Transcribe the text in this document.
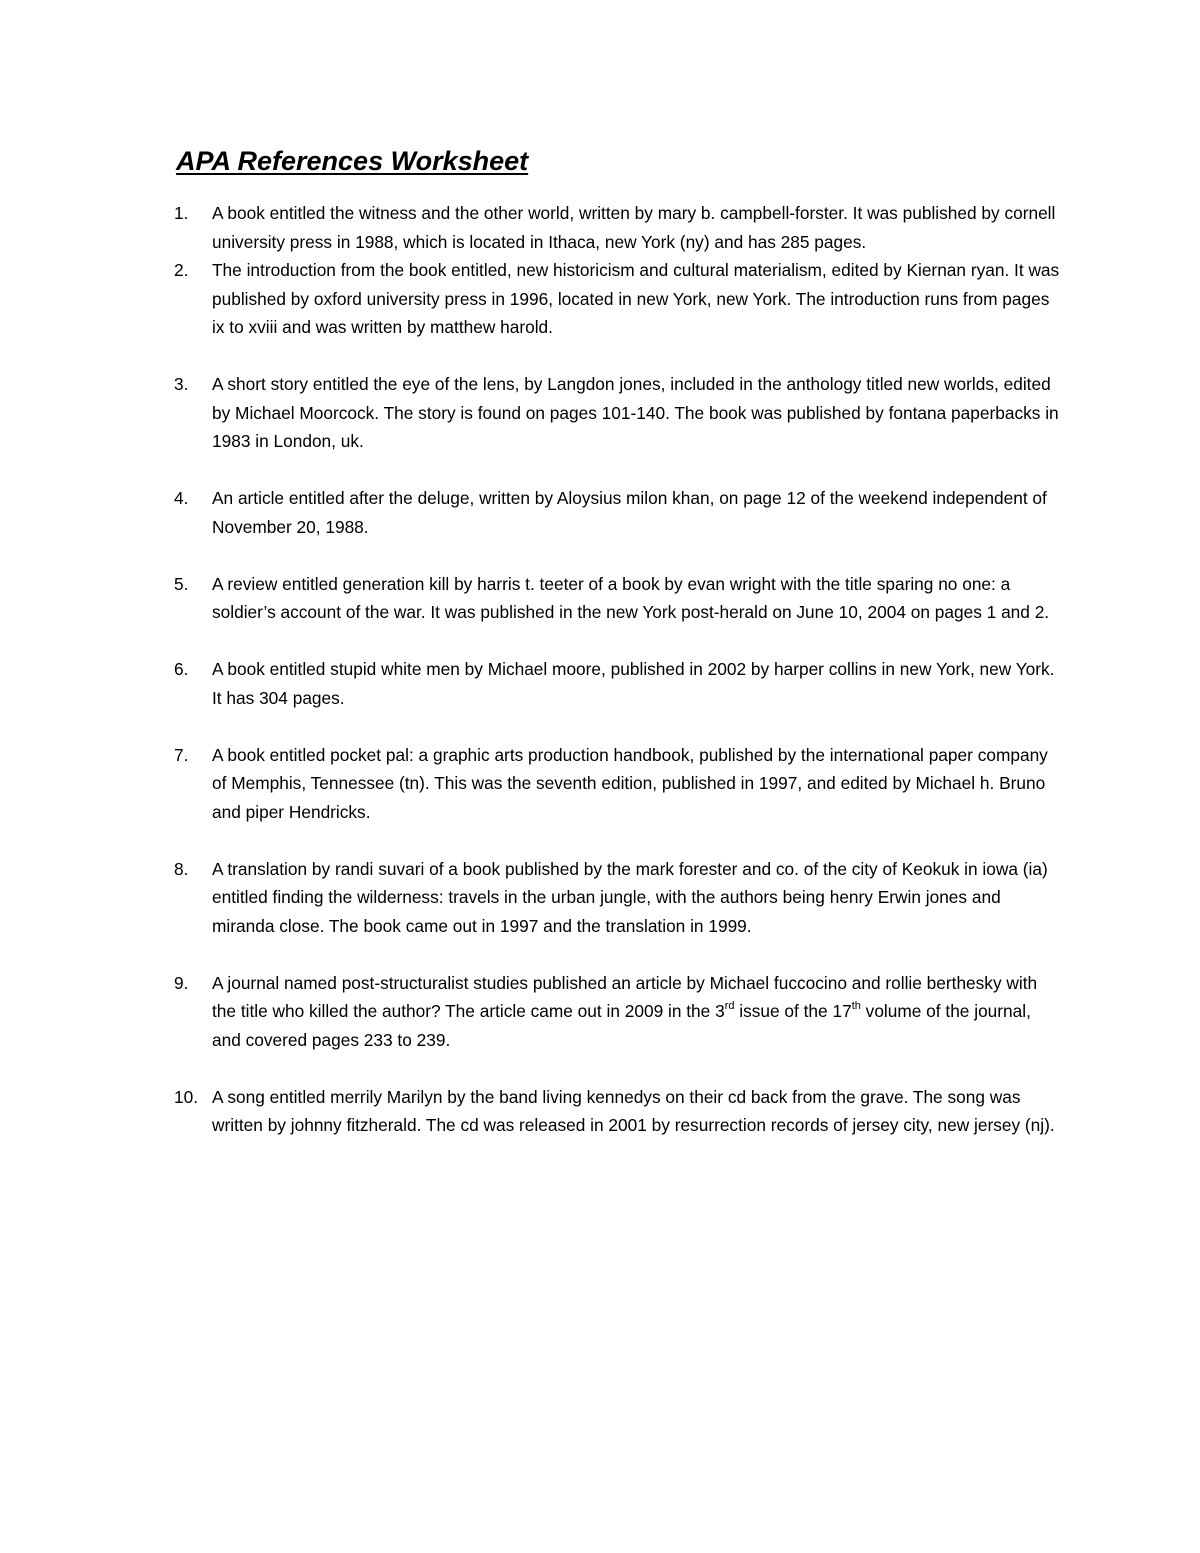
APA References Worksheet
1. A book entitled the witness and the other world, written by mary b. campbell-forster. It was published by cornell university press in 1988, which is located in Ithaca, new York (ny) and has 285 pages.
2. The introduction from the book entitled, new historicism and cultural materialism, edited by Kiernan ryan. It was published by oxford university press in 1996, located in new York, new York. The introduction runs from pages ix to xviii and was written by matthew harold.
3. A short story entitled the eye of the lens, by Langdon jones, included in the anthology titled new worlds, edited by Michael Moorcock. The story is found on pages 101-140. The book was published by fontana paperbacks in 1983 in London, uk.
4. An article entitled after the deluge, written by Aloysius milon khan, on page 12 of the weekend independent of November 20, 1988.
5. A review entitled generation kill by harris t. teeter of a book by evan wright with the title sparing no one: a soldier’s account of the war. It was published in the new York post-herald on June 10, 2004 on pages 1 and 2.
6. A book entitled stupid white men by Michael moore, published in 2002 by harper collins in new York, new York. It has 304 pages.
7. A book entitled pocket pal: a graphic arts production handbook, published by the international paper company of Memphis, Tennessee (tn). This was the seventh edition, published in 1997, and edited by Michael h. Bruno and piper Hendricks.
8. A translation by randi suvari of a book published by the mark forester and co. of the city of Keokuk in iowa (ia) entitled finding the wilderness: travels in the urban jungle, with the authors being henry Erwin jones and miranda close. The book came out in 1997 and the translation in 1999.
9. A journal named post-structuralist studies published an article by Michael fuccocino and rollie berthesky with the title who killed the author? The article came out in 2009 in the 3rd issue of the 17th volume of the journal, and covered pages 233 to 239.
10. A song entitled merrily Marilyn by the band living kennedys on their cd back from the grave. The song was written by johnny fitzherald. The cd was released in 2001 by resurrection records of jersey city, new jersey (nj).
